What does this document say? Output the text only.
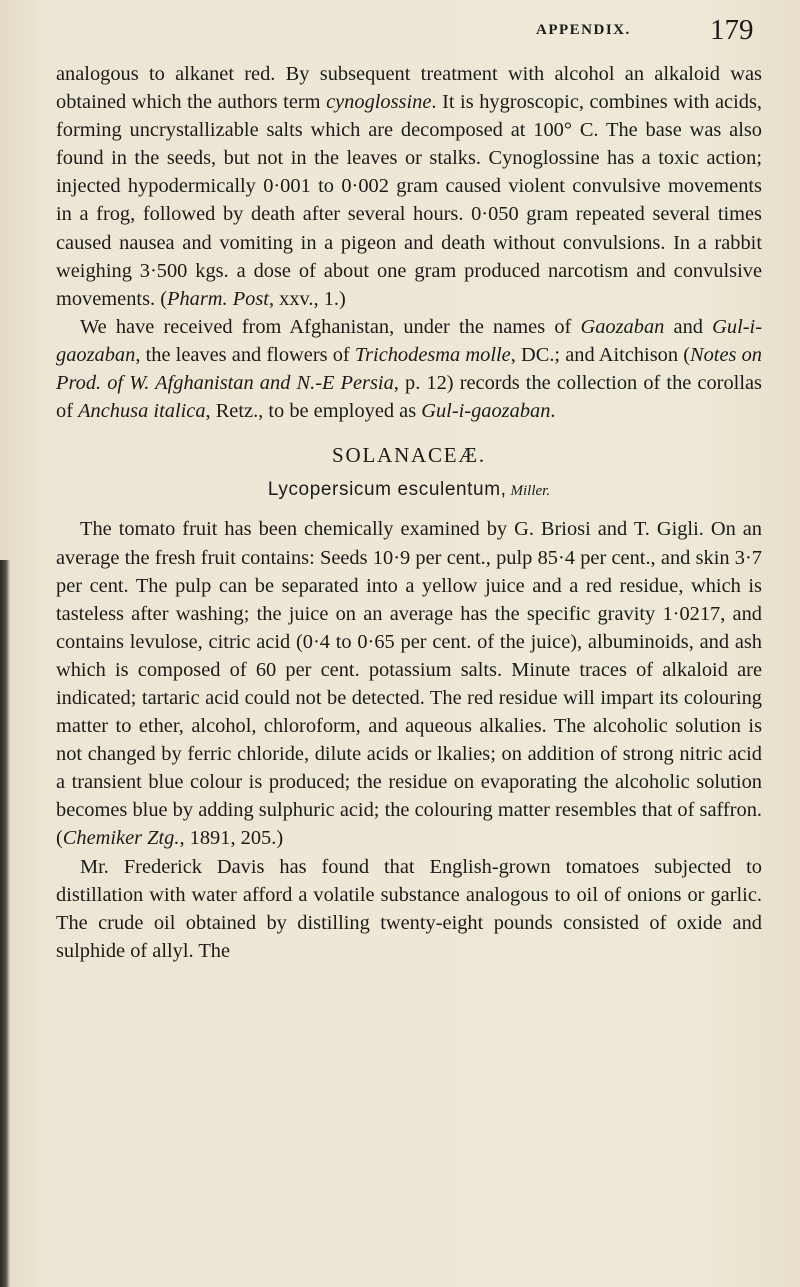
APPENDIX.	179

analogous to alkanet red. By subsequent treatment with alcohol an alkaloid was obtained which the authors term cynoglossine. It is hygroscopic, combines with acids, forming uncrystallizable salts which are decomposed at 100° C. The base was also found in the seeds, but not in the leaves or stalks. Cynoglossine has a toxic action; injected hypodermically 0·001 to 0·002 gram caused violent convulsive movements in a frog, followed by death after several hours. 0·050 gram repeated several times caused nausea and vomiting in a pigeon and death without convulsions. In a rabbit weighing 3·500 kgs. a dose of about one gram produced narcotism and convulsive movements. (Pharm. Post, xxv., 1.)

We have received from Afghanistan, under the names of Gaozaban and Gul-i-gaozaban, the leaves and flowers of Trichodesma molle, DC.; and Aitchison (Notes on Prod. of W. Afghanistan and N.-E Persia, p. 12) records the collection of the corollas of Anchusa italica, Retz., to be employed as Gul-i-gaozaban.

SOLANACEÆ.
Lycopersicum esculentum, Miller.

The tomato fruit has been chemically examined by G. Briosi and T. Gigli. On an average the fresh fruit contains: Seeds 10·9 per cent., pulp 85·4 per cent., and skin 3·7 per cent. The pulp can be separated into a yellow juice and a red residue, which is tasteless after washing; the juice on an average has the specific gravity 1·0217, and contains levulose, citric acid (0·4 to 0·65 per cent. of the juice), albuminoids, and ash which is composed of 60 per cent. potassium salts. Minute traces of alkaloid are indicated; tartaric acid could not be detected. The red residue will impart its colouring matter to ether, alcohol, chloroform, and aqueous alkalies. The alcoholic solution is not changed by ferric chloride, dilute acids or lkalies; on addition of strong nitric acid a transient blue colour is produced; the residue on evaporating the alcoholic solution becomes blue by adding sulphuric acid; the colouring matter resembles that of saffron. (Chemiker Ztg., 1891, 205.)

Mr. Frederick Davis has found that English-grown tomatoes subjected to distillation with water afford a volatile substance analogous to oil of onions or garlic. The crude oil obtained by distilling twenty-eight pounds consisted of oxide and sulphide of allyl. The
